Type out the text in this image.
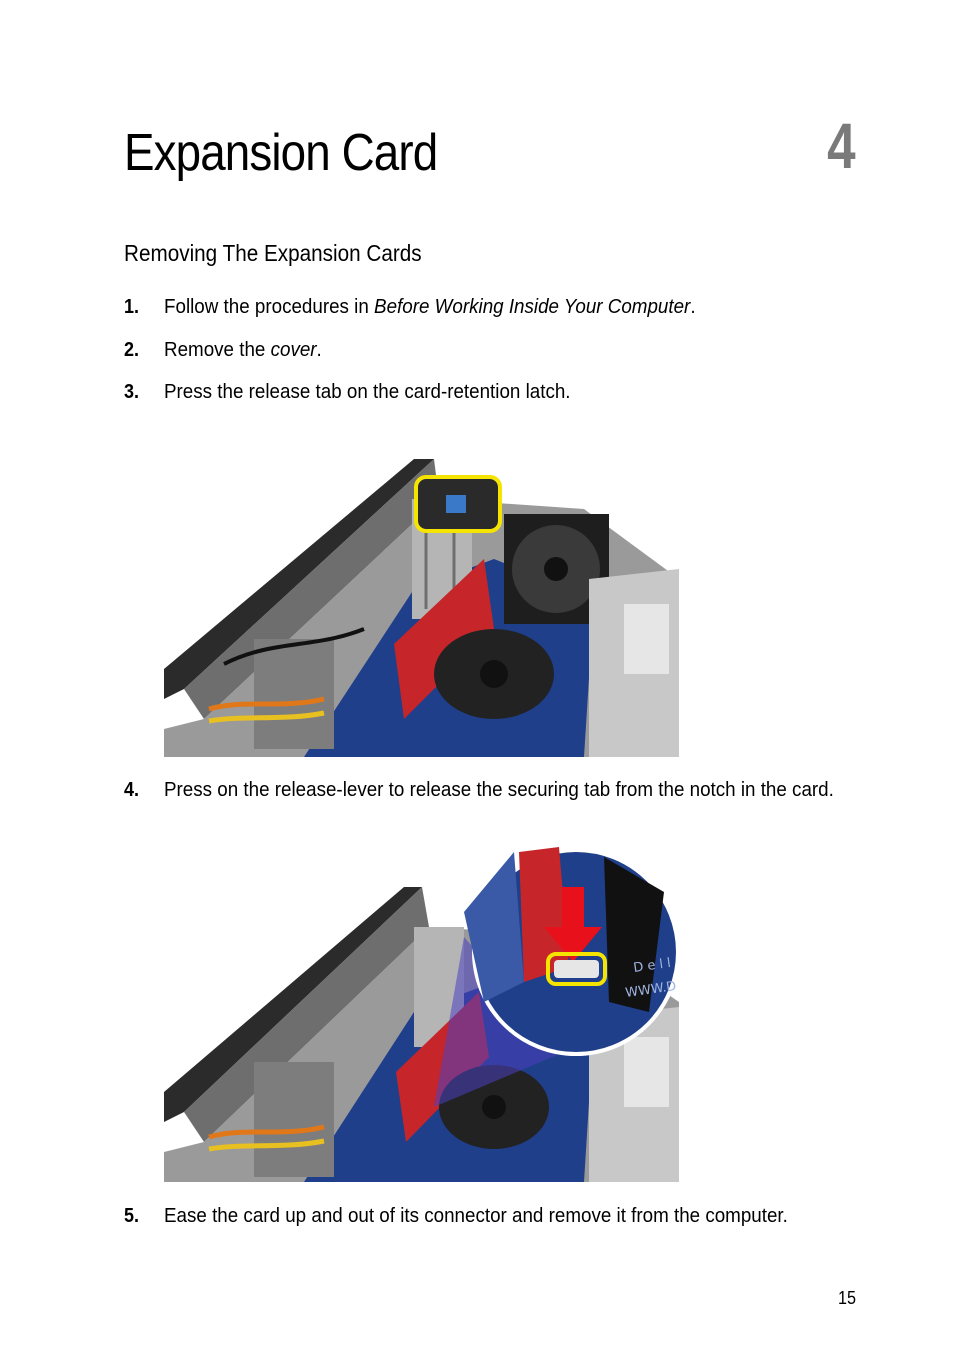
Expansion Card	4
Removing The Expansion Cards
1. Follow the procedures in Before Working Inside Your Computer.
2. Remove the cover.
3. Press the release tab on the card-retention latch.
4. Press on the release-lever to release the securing tab from the notch in the card.
D e l l
WWW.D
5. Ease the card up and out of its connector and remove it from the computer.
15
